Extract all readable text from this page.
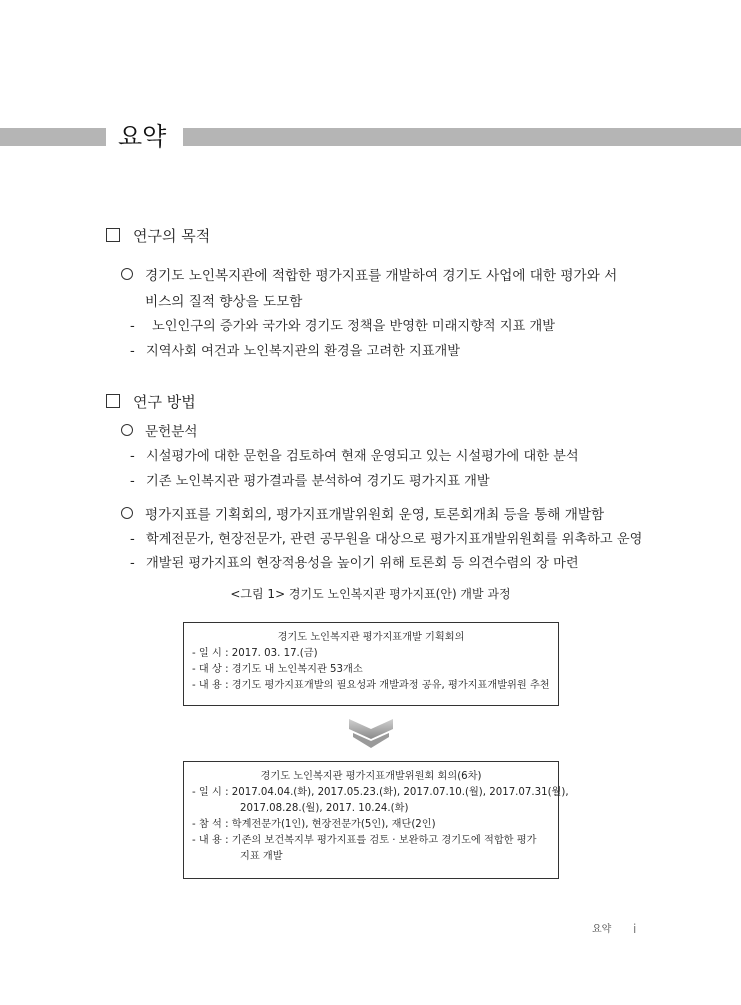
요약
연구의 목적
경기도 노인복지관에 적합한 평가지표를 개발하여 경기도 사업에 대한 평가와 서
비스의 질적 향상을 도모함
- 노인인구의 증가와 국가와 경기도 정책을 반영한 미래지향적 지표 개발
- 지역사회 여건과 노인복지관의 환경을 고려한 지표개발
연구 방법
문헌분석
- 시설평가에 대한 문헌을 검토하여 현재 운영되고 있는 시설평가에 대한 분석
- 기존 노인복지관 평가결과를 분석하여 경기도 평가지표 개발
평가지표를 기획회의, 평가지표개발위원회 운영, 토론회개최 등을 통해 개발함
- 학계전문가, 현장전문가, 관련 공무원을 대상으로 평가지표개발위원회를 위촉하고 운영
- 개발된 평가지표의 현장적용성을 높이기 위해 토론회 등 의견수렴의 장 마련
<그림 1> 경기도 노인복지관 평가지표(안) 개발 과정
경기도 노인복지관 평가지표개발 기획회의
- 일 시 : 2017. 03. 17.(금)
- 대 상 : 경기도 내 노인복지관 53개소
- 내 용 : 경기도 평가지표개발의 필요성과 개발과정 공유, 평가지표개발위원 추천
경기도 노인복지관 평가지표개발위원회 회의(6차)
- 일 시 : 2017.04.04.(화), 2017.05.23.(화), 2017.07.10.(월), 2017.07.31(월),
2017.08.28.(월), 2017. 10.24.(화)
- 참 석 : 학계전문가(1인), 현장전문가(5인), 재단(2인)
- 내 용 : 기존의 보건복지부 평가지표를 검토 · 보완하고 경기도에 적합한 평가
지표 개발
요약 i
